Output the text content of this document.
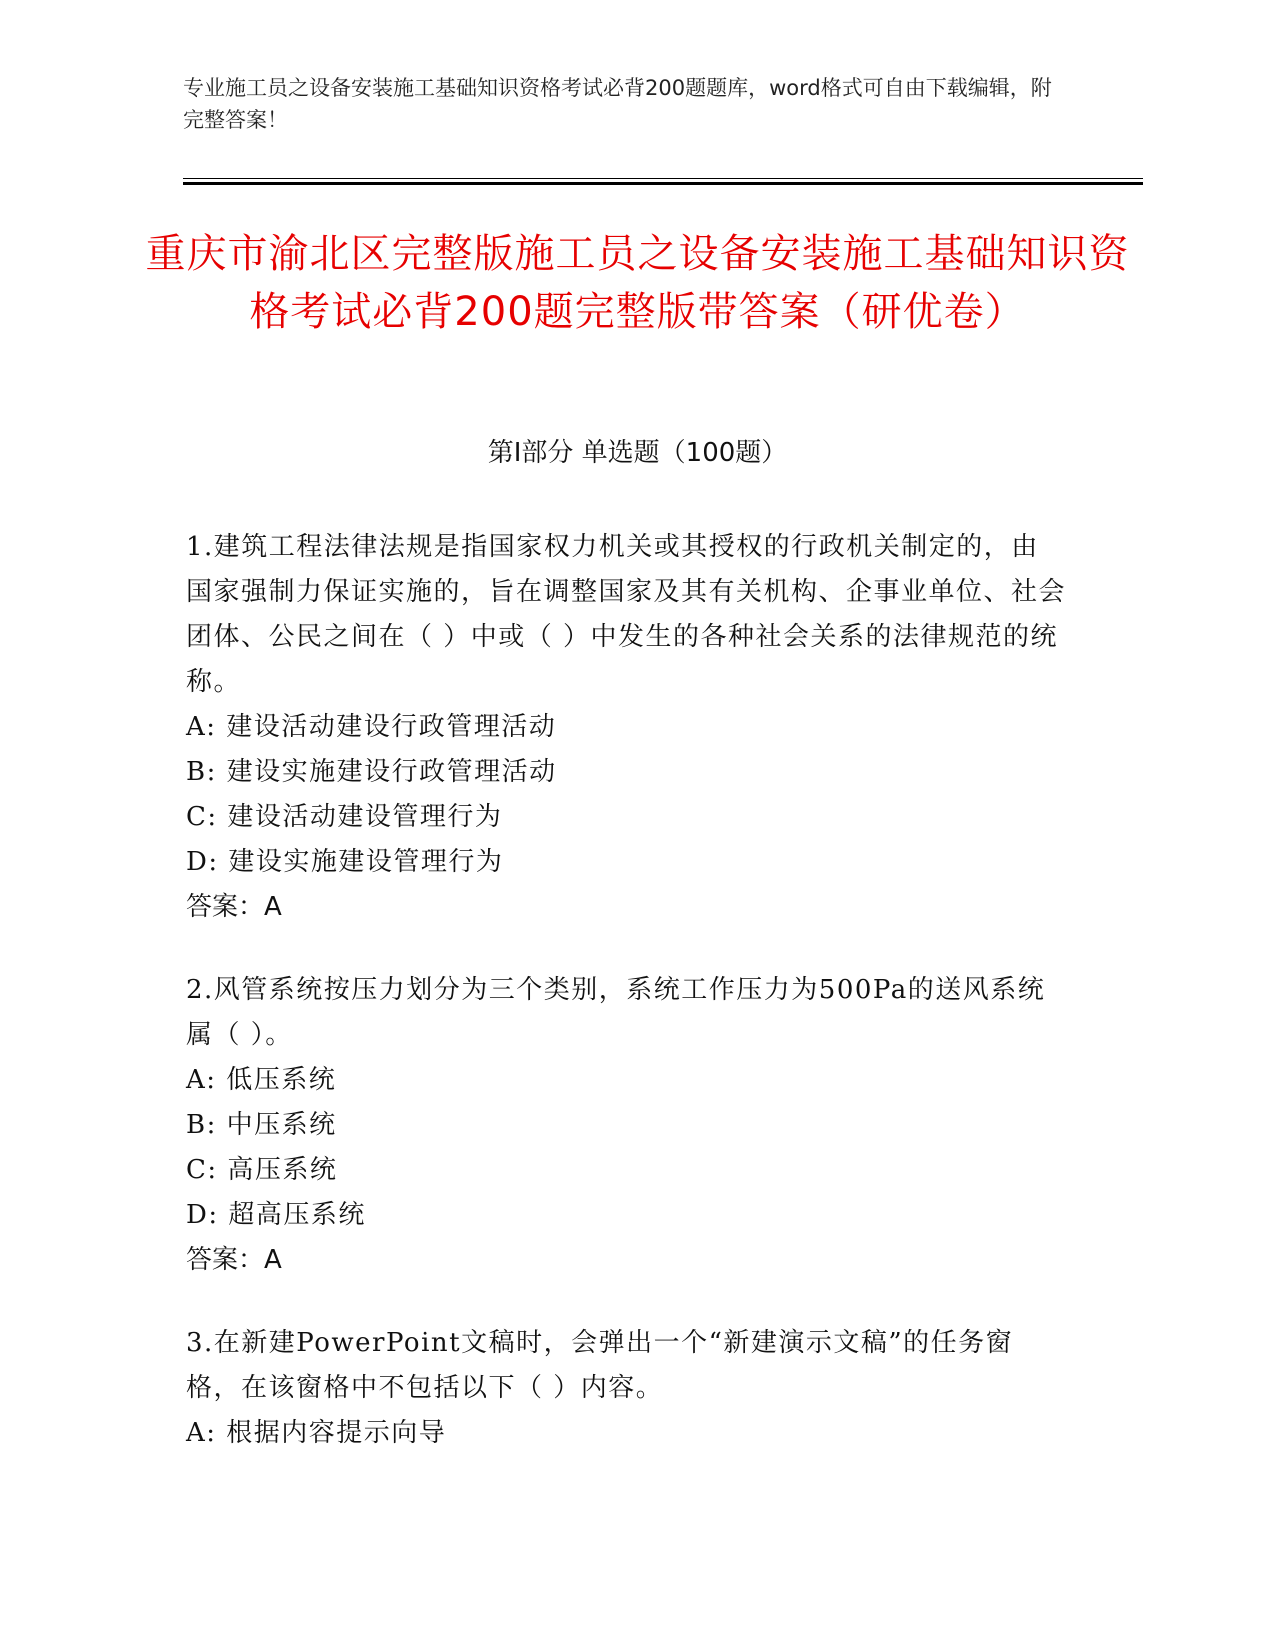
专业施工员之设备安装施工基础知识资格考试必背200题题库，word格式可自由下载编辑，附完整答案！
重庆市渝北区完整版施工员之设备安装施工基础知识资格考试必背200题完整版带答案（研优卷）
第Ⅰ部分 单选题（100题）
1.建筑工程法律法规是指国家权力机关或其授权的行政机关制定的，由国家强制力保证实施的，旨在调整国家及其有关机构、企事业单位、社会团体、公民之间在（ ）中或（ ）中发生的各种社会关系的法律规范的统称。
A: 建设活动建设行政管理活动
B: 建设实施建设行政管理活动
C: 建设活动建设管理行为
D: 建设实施建设管理行为
答案：A
2.风管系统按压力划分为三个类别，系统工作压力为500Pa的送风系统属（ ）。
A: 低压系统
B: 中压系统
C: 高压系统
D: 超高压系统
答案：A
3.在新建PowerPoint文稿时，会弹出一个“新建演示文稿”的任务窗格，在该窗格中不包括以下（ ）内容。
A: 根据内容提示向导
